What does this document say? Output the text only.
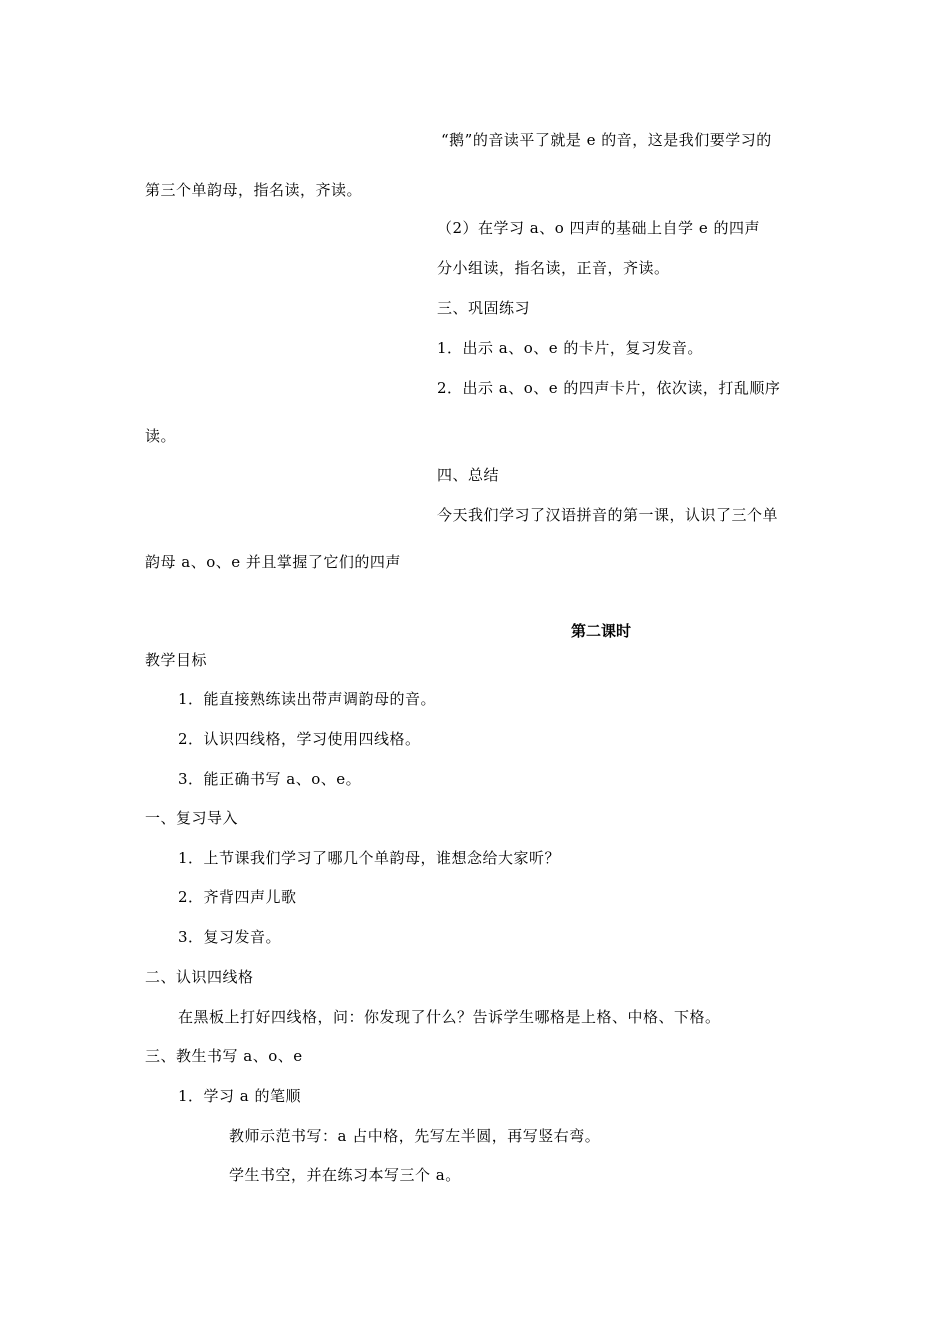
“鹅”的音读平了就是 e 的音，这是我们要学习的
第三个单韵母，指名读，齐读。
（2）在学习 a、o 四声的基础上自学 e 的四声
分小组读，指名读，正音，齐读。
三、巩固练习
1．出示 a、o、e 的卡片，复习发音。
2．出示 a、o、e 的四声卡片，依次读，打乱顺序
读。
四、总结
今天我们学习了汉语拼音的第一课，认识了三个单
韵母 a、o、e 并且掌握了它们的四声
第二课时
教学目标
1．能直接熟练读出带声调韵母的音。
2．认识四线格，学习使用四线格。
3．能正确书写 a、o、e。
一、复习导入
1．上节课我们学习了哪几个单韵母，谁想念给大家听？
2．齐背四声儿歌
3．复习发音。
二、认识四线格
在黑板上打好四线格，问：你发现了什么？告诉学生哪格是上格、中格、下格。
三、教生书写 a、o、e
1．学习 a 的笔顺
教师示范书写：a 占中格，先写左半圆，再写竖右弯。
学生书空，并在练习本写三个 a。
